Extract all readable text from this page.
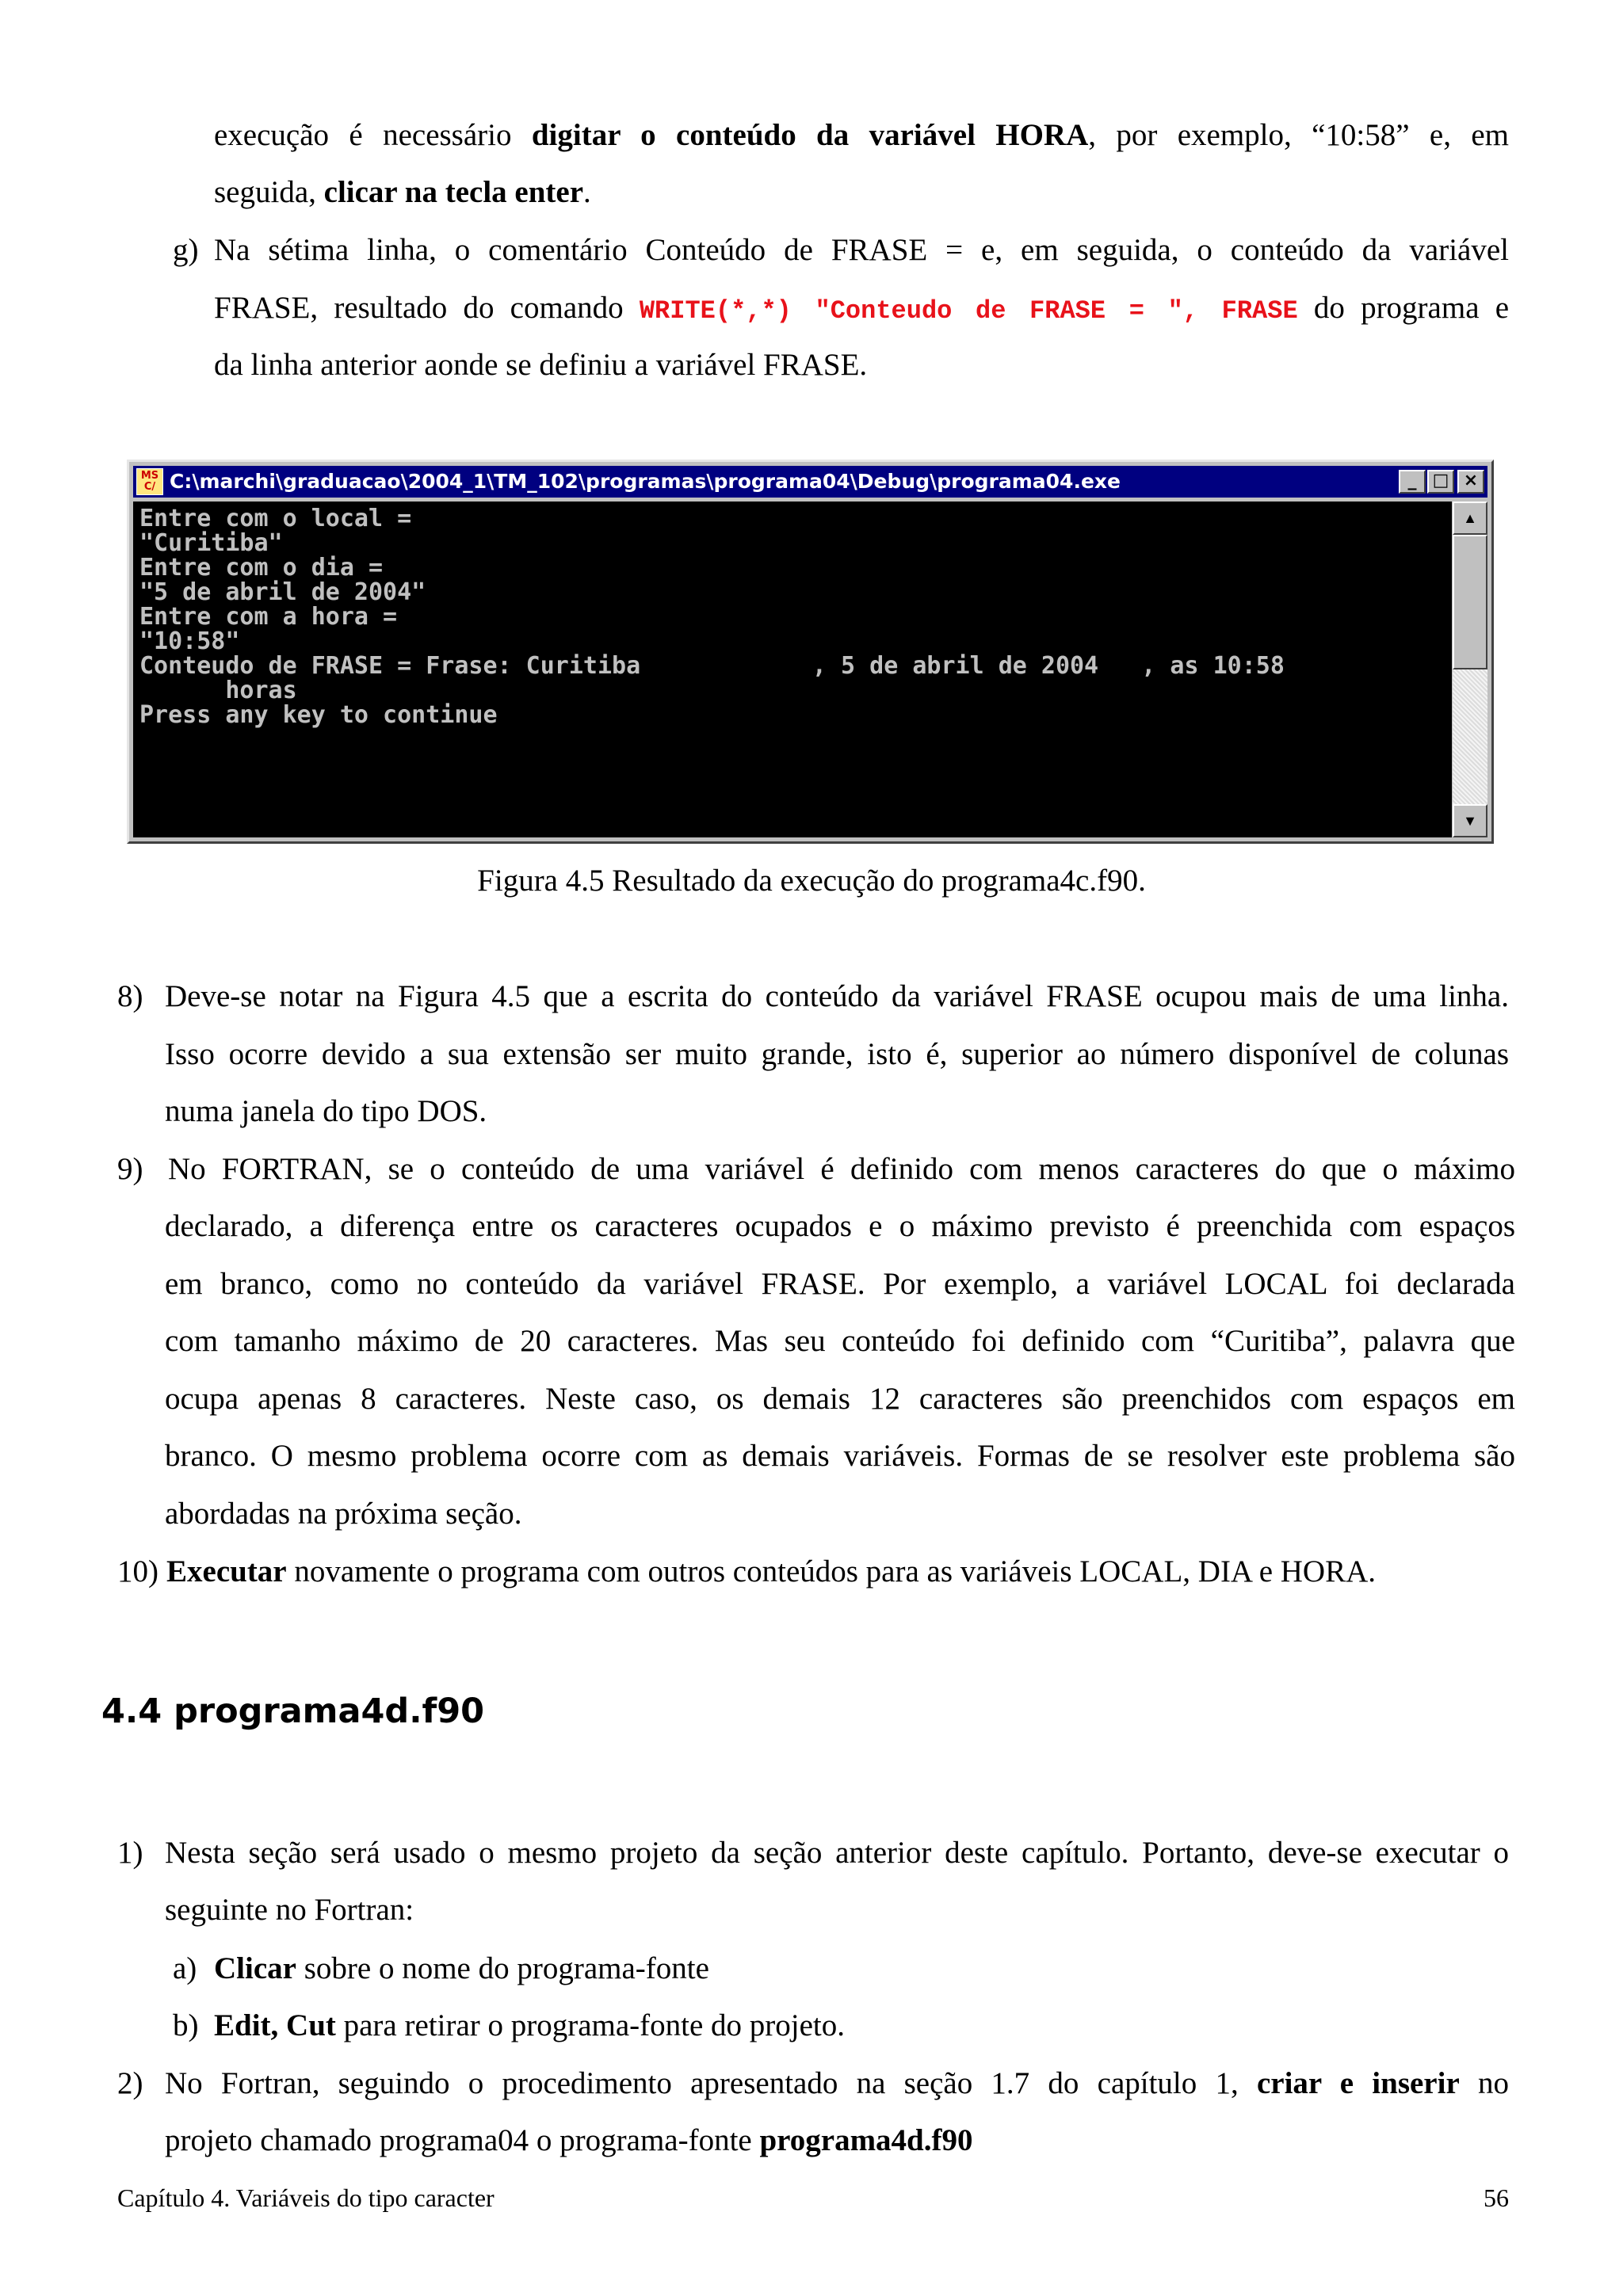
execução é necessário digitar o conteúdo da variável HORA, por exemplo, “10:58” e, em
seguida, clicar na tecla enter.
g) Na sétima linha, o comentário Conteúdo de FRASE = e, em seguida, o conteúdo da variável
FRASE, resultado do comando WRITE(*,*) "Conteudo de FRASE = ", FRASE do programa e
da linha anterior aonde se definiu a variável FRASE.
MS
C/ C:\marchi\graduacao\2004_1\TM_102\programas\programa04\Debug\programa04.exe	_ □ ×
Entre com o local =
"Curitiba"
Entre com o dia =
"5 de abril de 2004"
Entre com a hora =
"10:58"
Conteudo de FRASE = Frase: Curitiba            , 5 de abril de 2004   , as 10:58
horas
Press any key to continue
▲
▼
Figura 4.5 Resultado da execução do programa4c.f90.
8) Deve-se notar na Figura 4.5 que a escrita do conteúdo da variável FRASE ocupou mais de uma linha.
Isso ocorre devido a sua extensão ser muito grande, isto é, superior ao número disponível de colunas
numa janela do tipo DOS.
9) No FORTRAN, se o conteúdo de uma variável é definido com menos caracteres do que o máximo
declarado, a diferença entre os caracteres ocupados e o máximo previsto é preenchida com espaços
em branco, como no conteúdo da variável FRASE. Por exemplo, a variável LOCAL foi declarada
com tamanho máximo de 20 caracteres. Mas seu conteúdo foi definido com “Curitiba”, palavra que
ocupa apenas 8 caracteres. Neste caso, os demais 12 caracteres são preenchidos com espaços em
branco. O mesmo problema ocorre com as demais variáveis. Formas de se resolver este problema são
abordadas na próxima seção.
10) Executar novamente o programa com outros conteúdos para as variáveis LOCAL, DIA e HORA.
4.4 programa4d.f90
1) Nesta seção será usado o mesmo projeto da seção anterior deste capítulo. Portanto, deve-se executar o
seguinte no Fortran:
a) Clicar sobre o nome do programa-fonte
b) Edit, Cut para retirar o programa-fonte do projeto.
2) No Fortran, seguindo o procedimento apresentado na seção 1.7 do capítulo 1, criar e inserir no
projeto chamado programa04 o programa-fonte programa4d.f90
Capítulo 4. Variáveis do tipo caracter	56
